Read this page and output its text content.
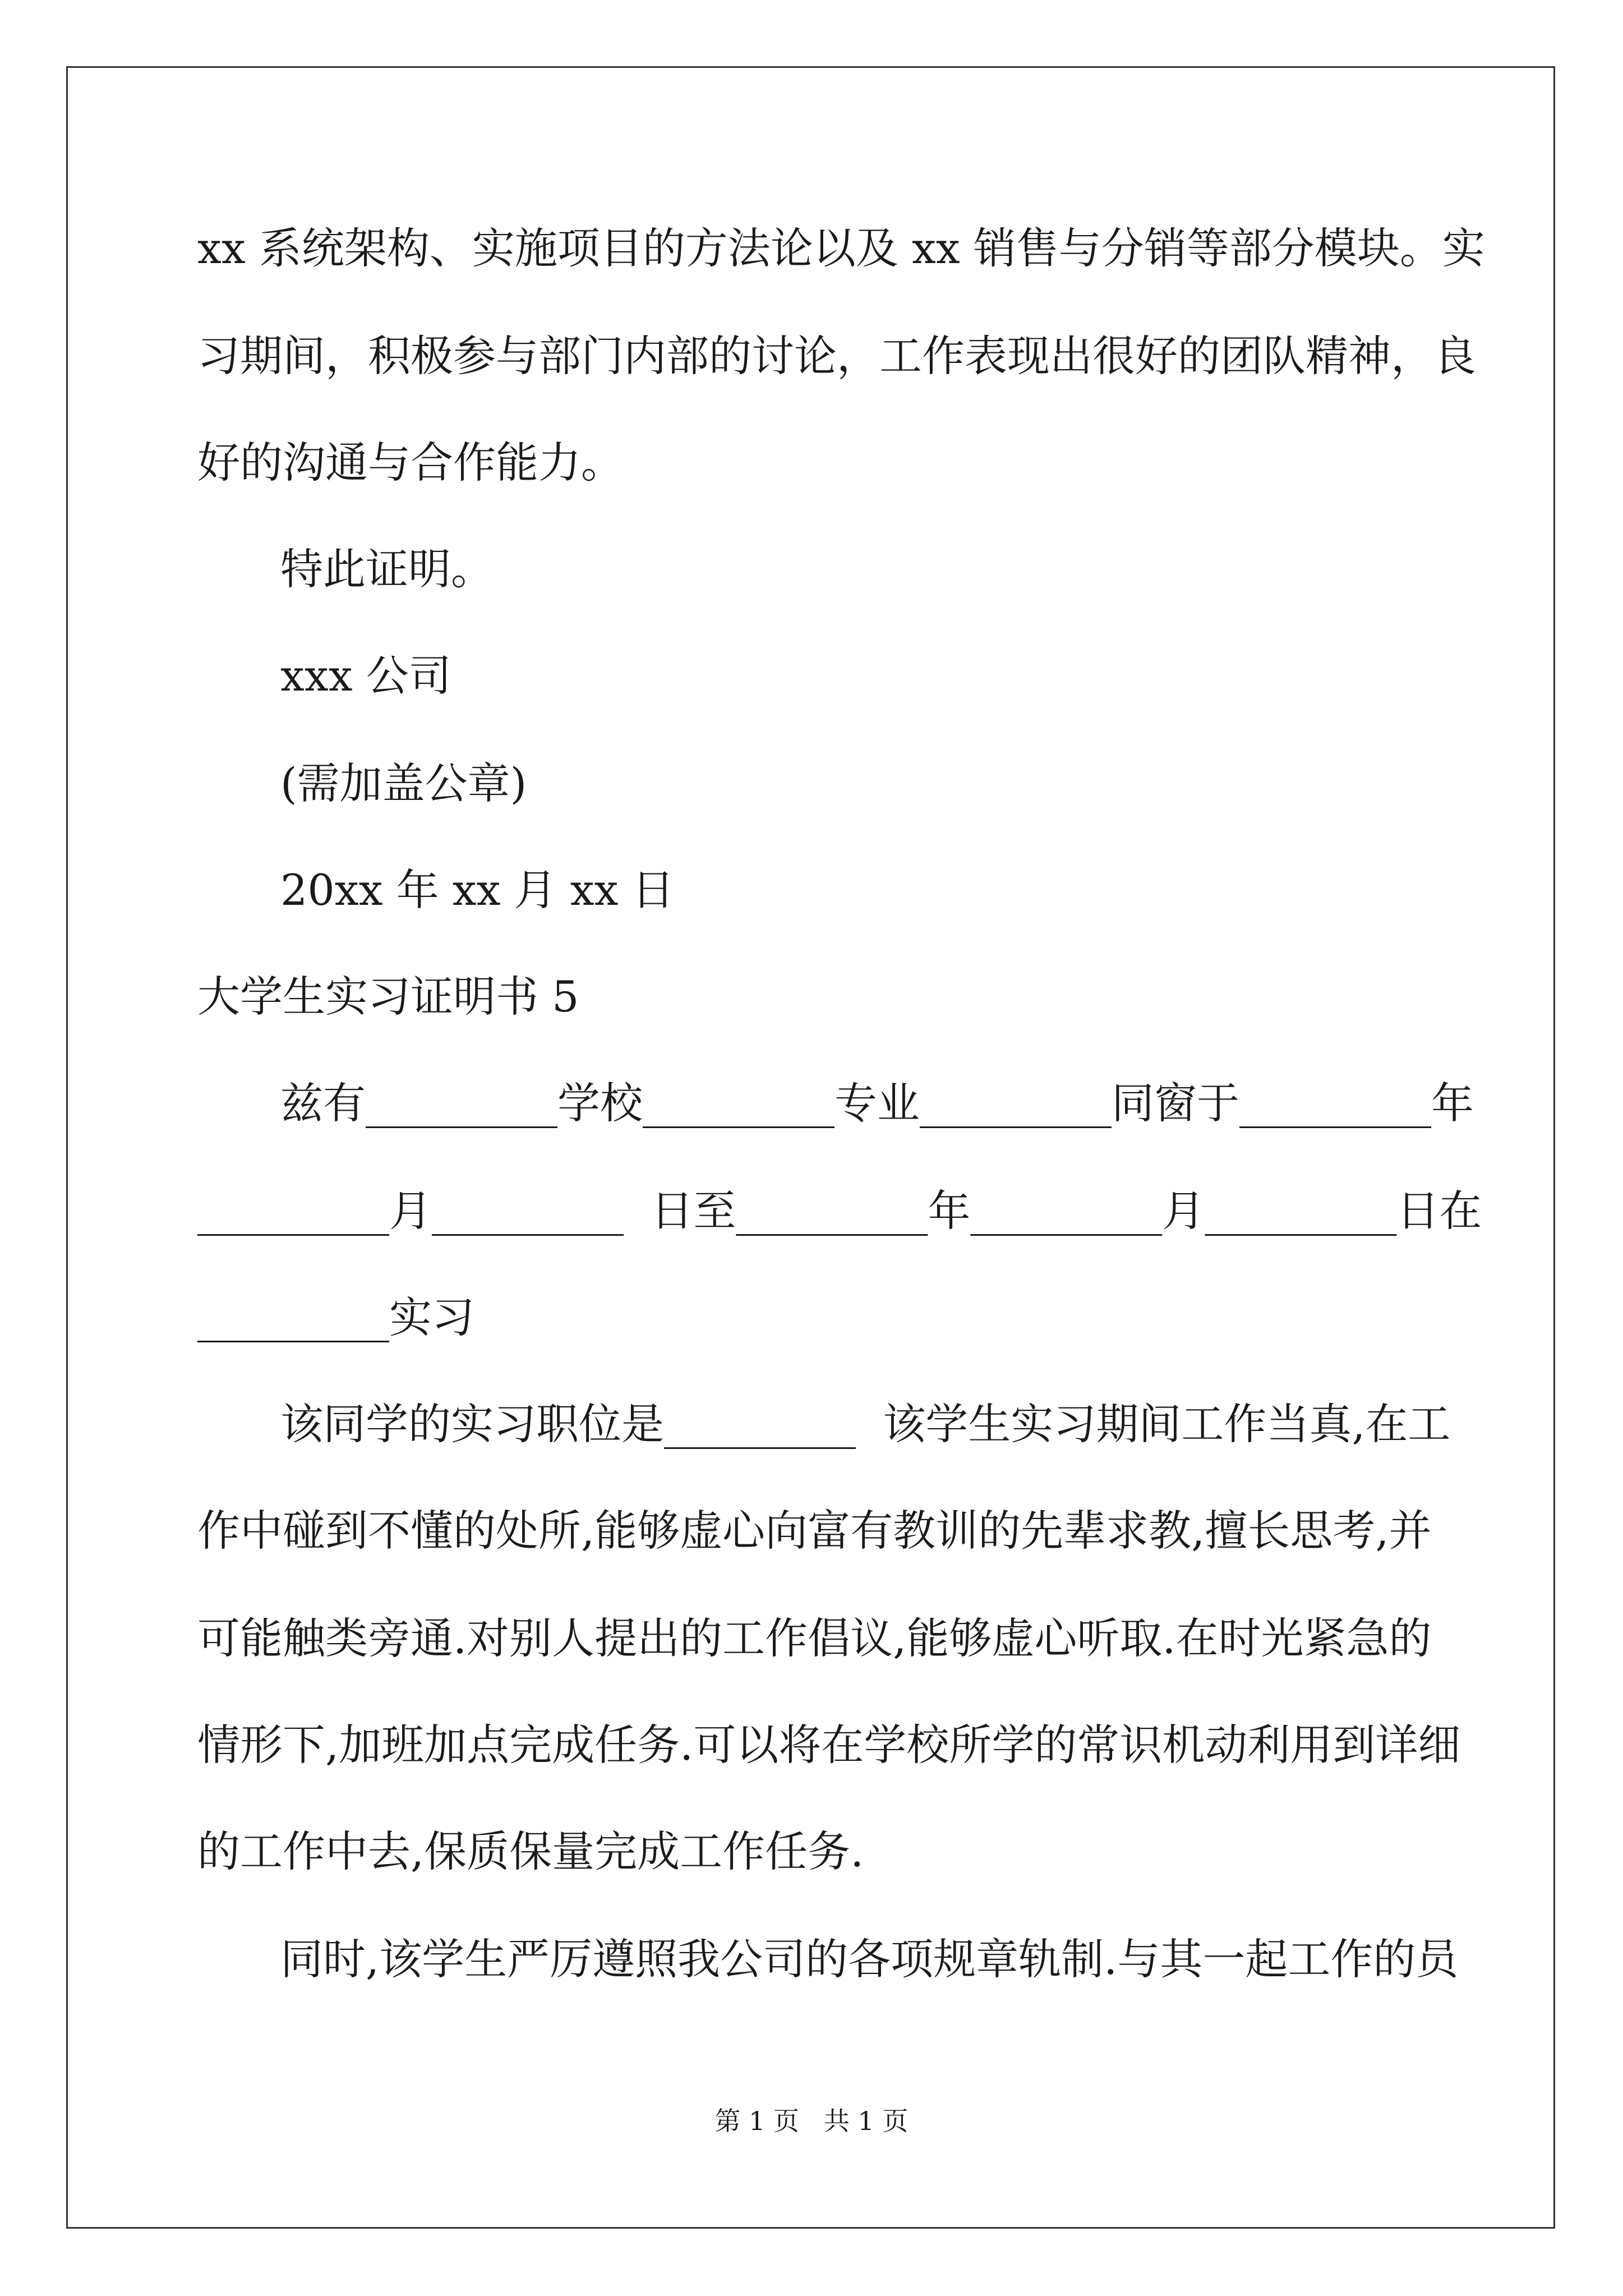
xx 系统架构、实施项目的方法论以及 xx 销售与分销等部分模块。实
习期间，积极参与部门内部的讨论，工作表现出很好的团队精神，良
好的沟通与合作能力。
特此证明。
xxx 公司
(需加盖公章)
20xx 年 xx 月 xx 日
大学生实习证明书 5
兹有_________学校_________专业_________同窗于_________年
_________月_________  日至_________年_________月_________日在
_________实习
该同学的实习职位是_________  该学生实习期间工作当真,在工
作中碰到不懂的处所,能够虚心向富有教训的先辈求教,擅长思考,并
可能触类旁通.对别人提出的工作倡议,能够虚心听取.在时光紧急的
情形下,加班加点完成任务.可以将在学校所学的常识机动利用到详细
的工作中去,保质保量完成工作任务.
同时,该学生严厉遵照我公司的各项规章轨制.与其一起工作的员
第 1 页   共 1 页
